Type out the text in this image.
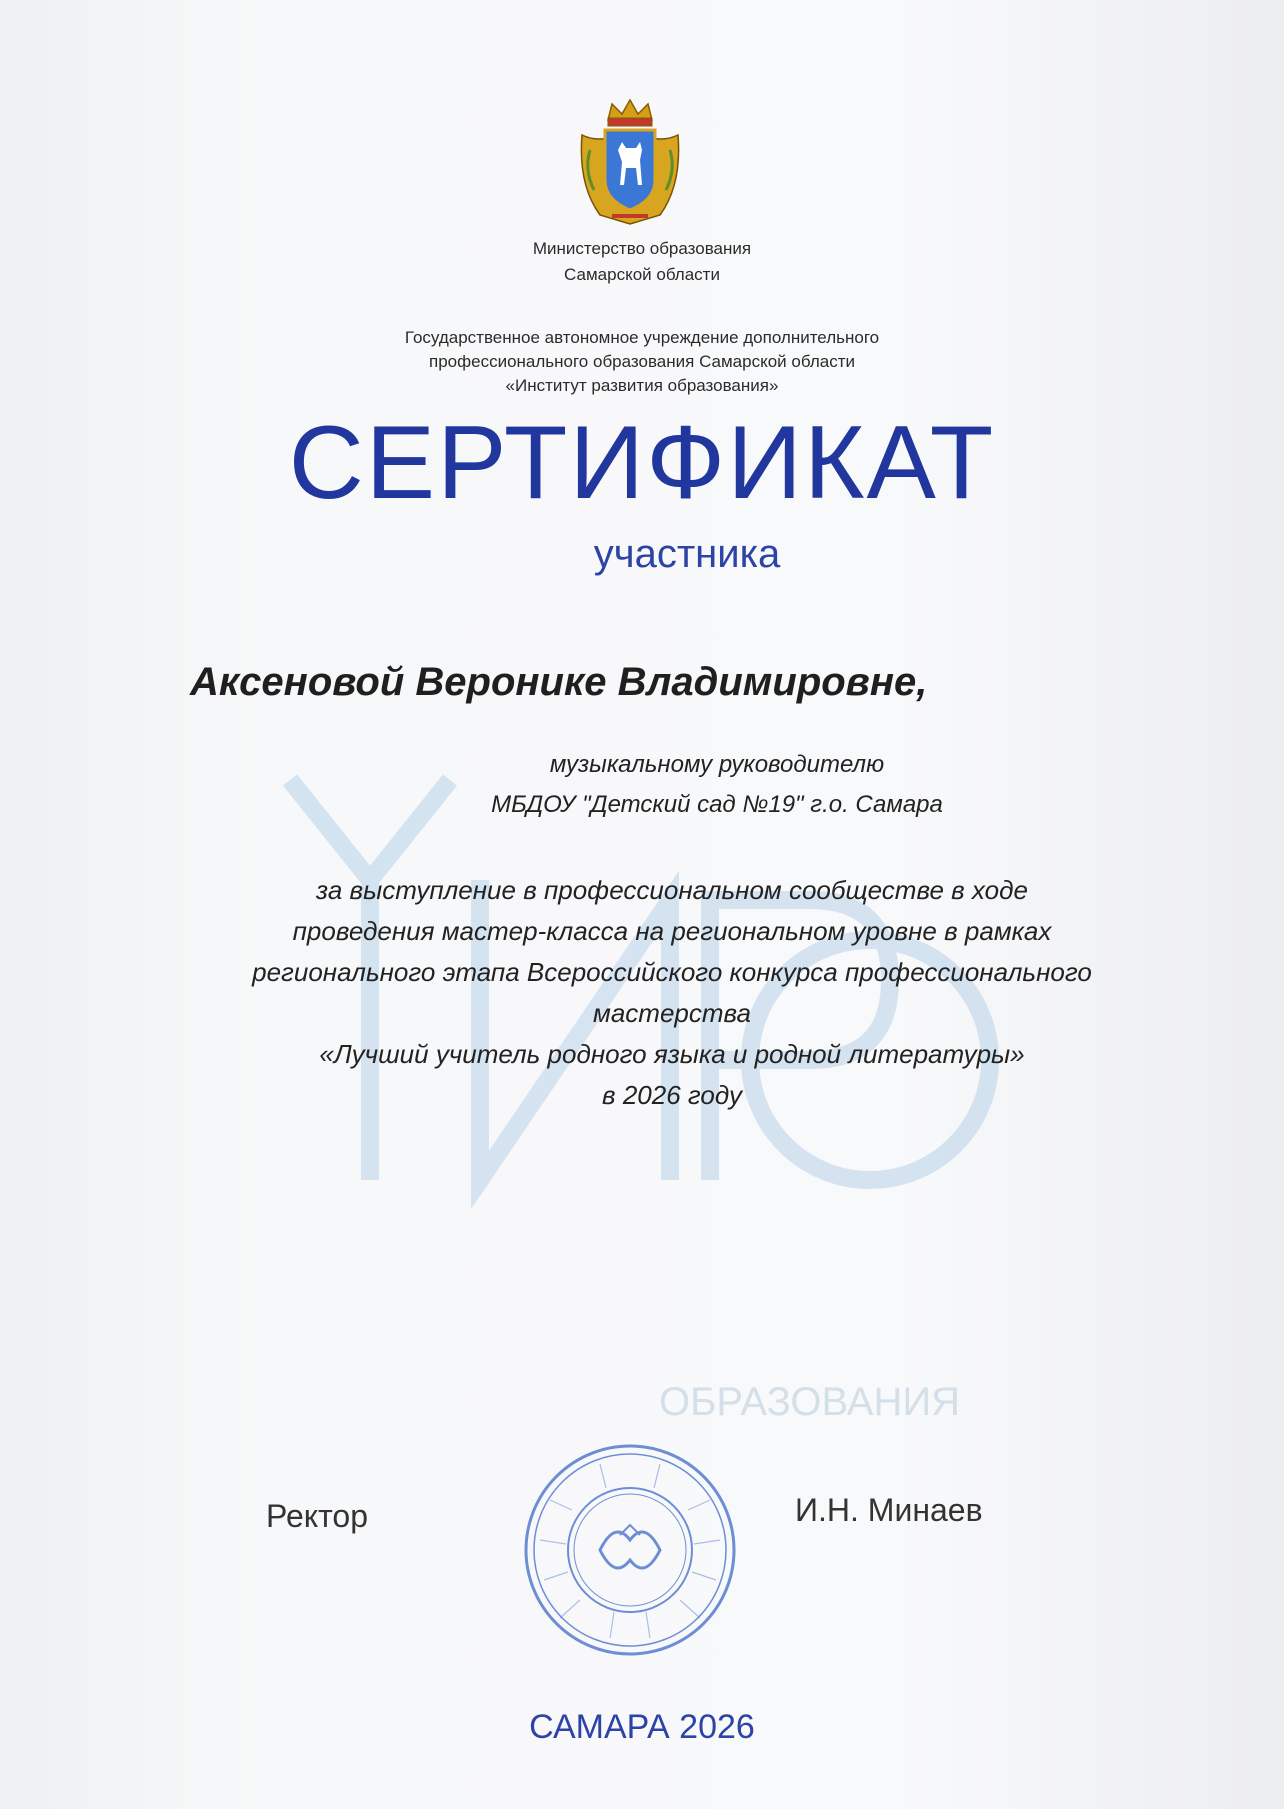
Министерство образования
Самарской области
Государственное автономное учреждение дополнительного
профессионального образования Самарской области
«Институт развития образования»
СЕРТИФИКАТ
участника
ОБРАЗОВАНИЯ
Аксеновой Веронике Владимировне,
музыкальному руководителю
МБДОУ "Детский сад №19" г.о. Самара
за выступление в профессиональном сообществе в ходе
проведения мастер-класса на региональном уровне в рамках
регионального этапа Всероссийского конкурса профессионального
мастерства
«Лучший учитель родного языка и родной литературы»
в 2026 году
Ректор	И.Н. Минаев
САМАРА 2026
